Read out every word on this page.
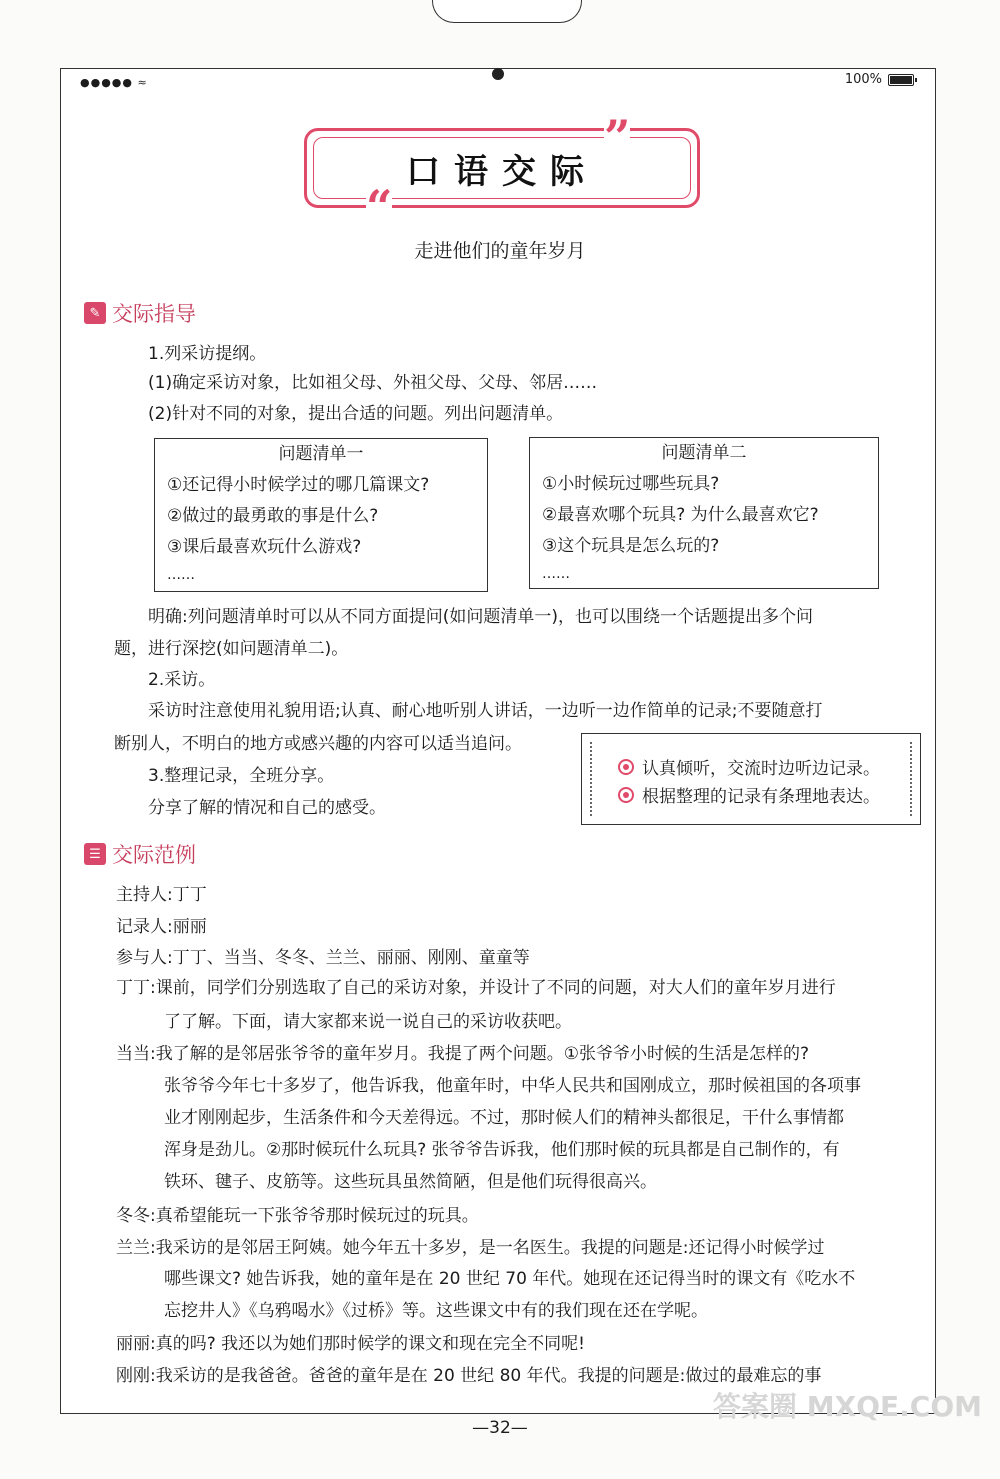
●●●●● ≈	100%
口语交际
”
“
走进他们的童年岁月
✎ 交际指导
1.列采访提纲。
(1)确定采访对象，比如祖父母、外祖父母、父母、邻居……
(2)针对不同的对象，提出合适的问题。列出问题清单。
问题清单一
①还记得小时候学过的哪几篇课文?
②做过的最勇敢的事是什么?
③课后最喜欢玩什么游戏?
……
问题清单二
①小时候玩过哪些玩具?
②最喜欢哪个玩具? 为什么最喜欢它?
③这个玩具是怎么玩的?
……
明确:列问题清单时可以从不同方面提问(如问题清单一)，也可以围绕一个话题提出多个问
题，进行深挖(如问题清单二)。
2.采访。
采访时注意使用礼貌用语;认真、耐心地听别人讲话，一边听一边作简单的记录;不要随意打
断别人，不明白的地方或感兴趣的内容可以适当追问。
3.整理记录，全班分享。
分享了解的情况和自己的感受。
认真倾听，交流时边听边记录。
根据整理的记录有条理地表达。
☰ 交际范例
主持人:丁丁
记录人:丽丽
参与人:丁丁、当当、冬冬、兰兰、丽丽、刚刚、童童等
丁丁:课前，同学们分别选取了自己的采访对象，并设计了不同的问题，对大人们的童年岁月进行
了了解。下面，请大家都来说一说自己的采访收获吧。
当当:我了解的是邻居张爷爷的童年岁月。我提了两个问题。①张爷爷小时候的生活是怎样的?
张爷爷今年七十多岁了，他告诉我，他童年时，中华人民共和国刚成立，那时候祖国的各项事
业才刚刚起步，生活条件和今天差得远。不过，那时候人们的精神头都很足，干什么事情都
浑身是劲儿。②那时候玩什么玩具? 张爷爷告诉我，他们那时候的玩具都是自己制作的，有
铁环、毽子、皮筋等。这些玩具虽然简陋，但是他们玩得很高兴。
冬冬:真希望能玩一下张爷爷那时候玩过的玩具。
兰兰:我采访的是邻居王阿姨。她今年五十多岁，是一名医生。我提的问题是:还记得小时候学过
哪些课文? 她告诉我，她的童年是在 20 世纪 70 年代。她现在还记得当时的课文有《吃水不
忘挖井人》《乌鸦喝水》《过桥》等。这些课文中有的我们现在还在学呢。
丽丽:真的吗? 我还以为她们那时候学的课文和现在完全不同呢!
刚刚:我采访的是我爸爸。爸爸的童年是在 20 世纪 80 年代。我提的问题是:做过的最难忘的事
—32—
答案圈 MXQE.COM
